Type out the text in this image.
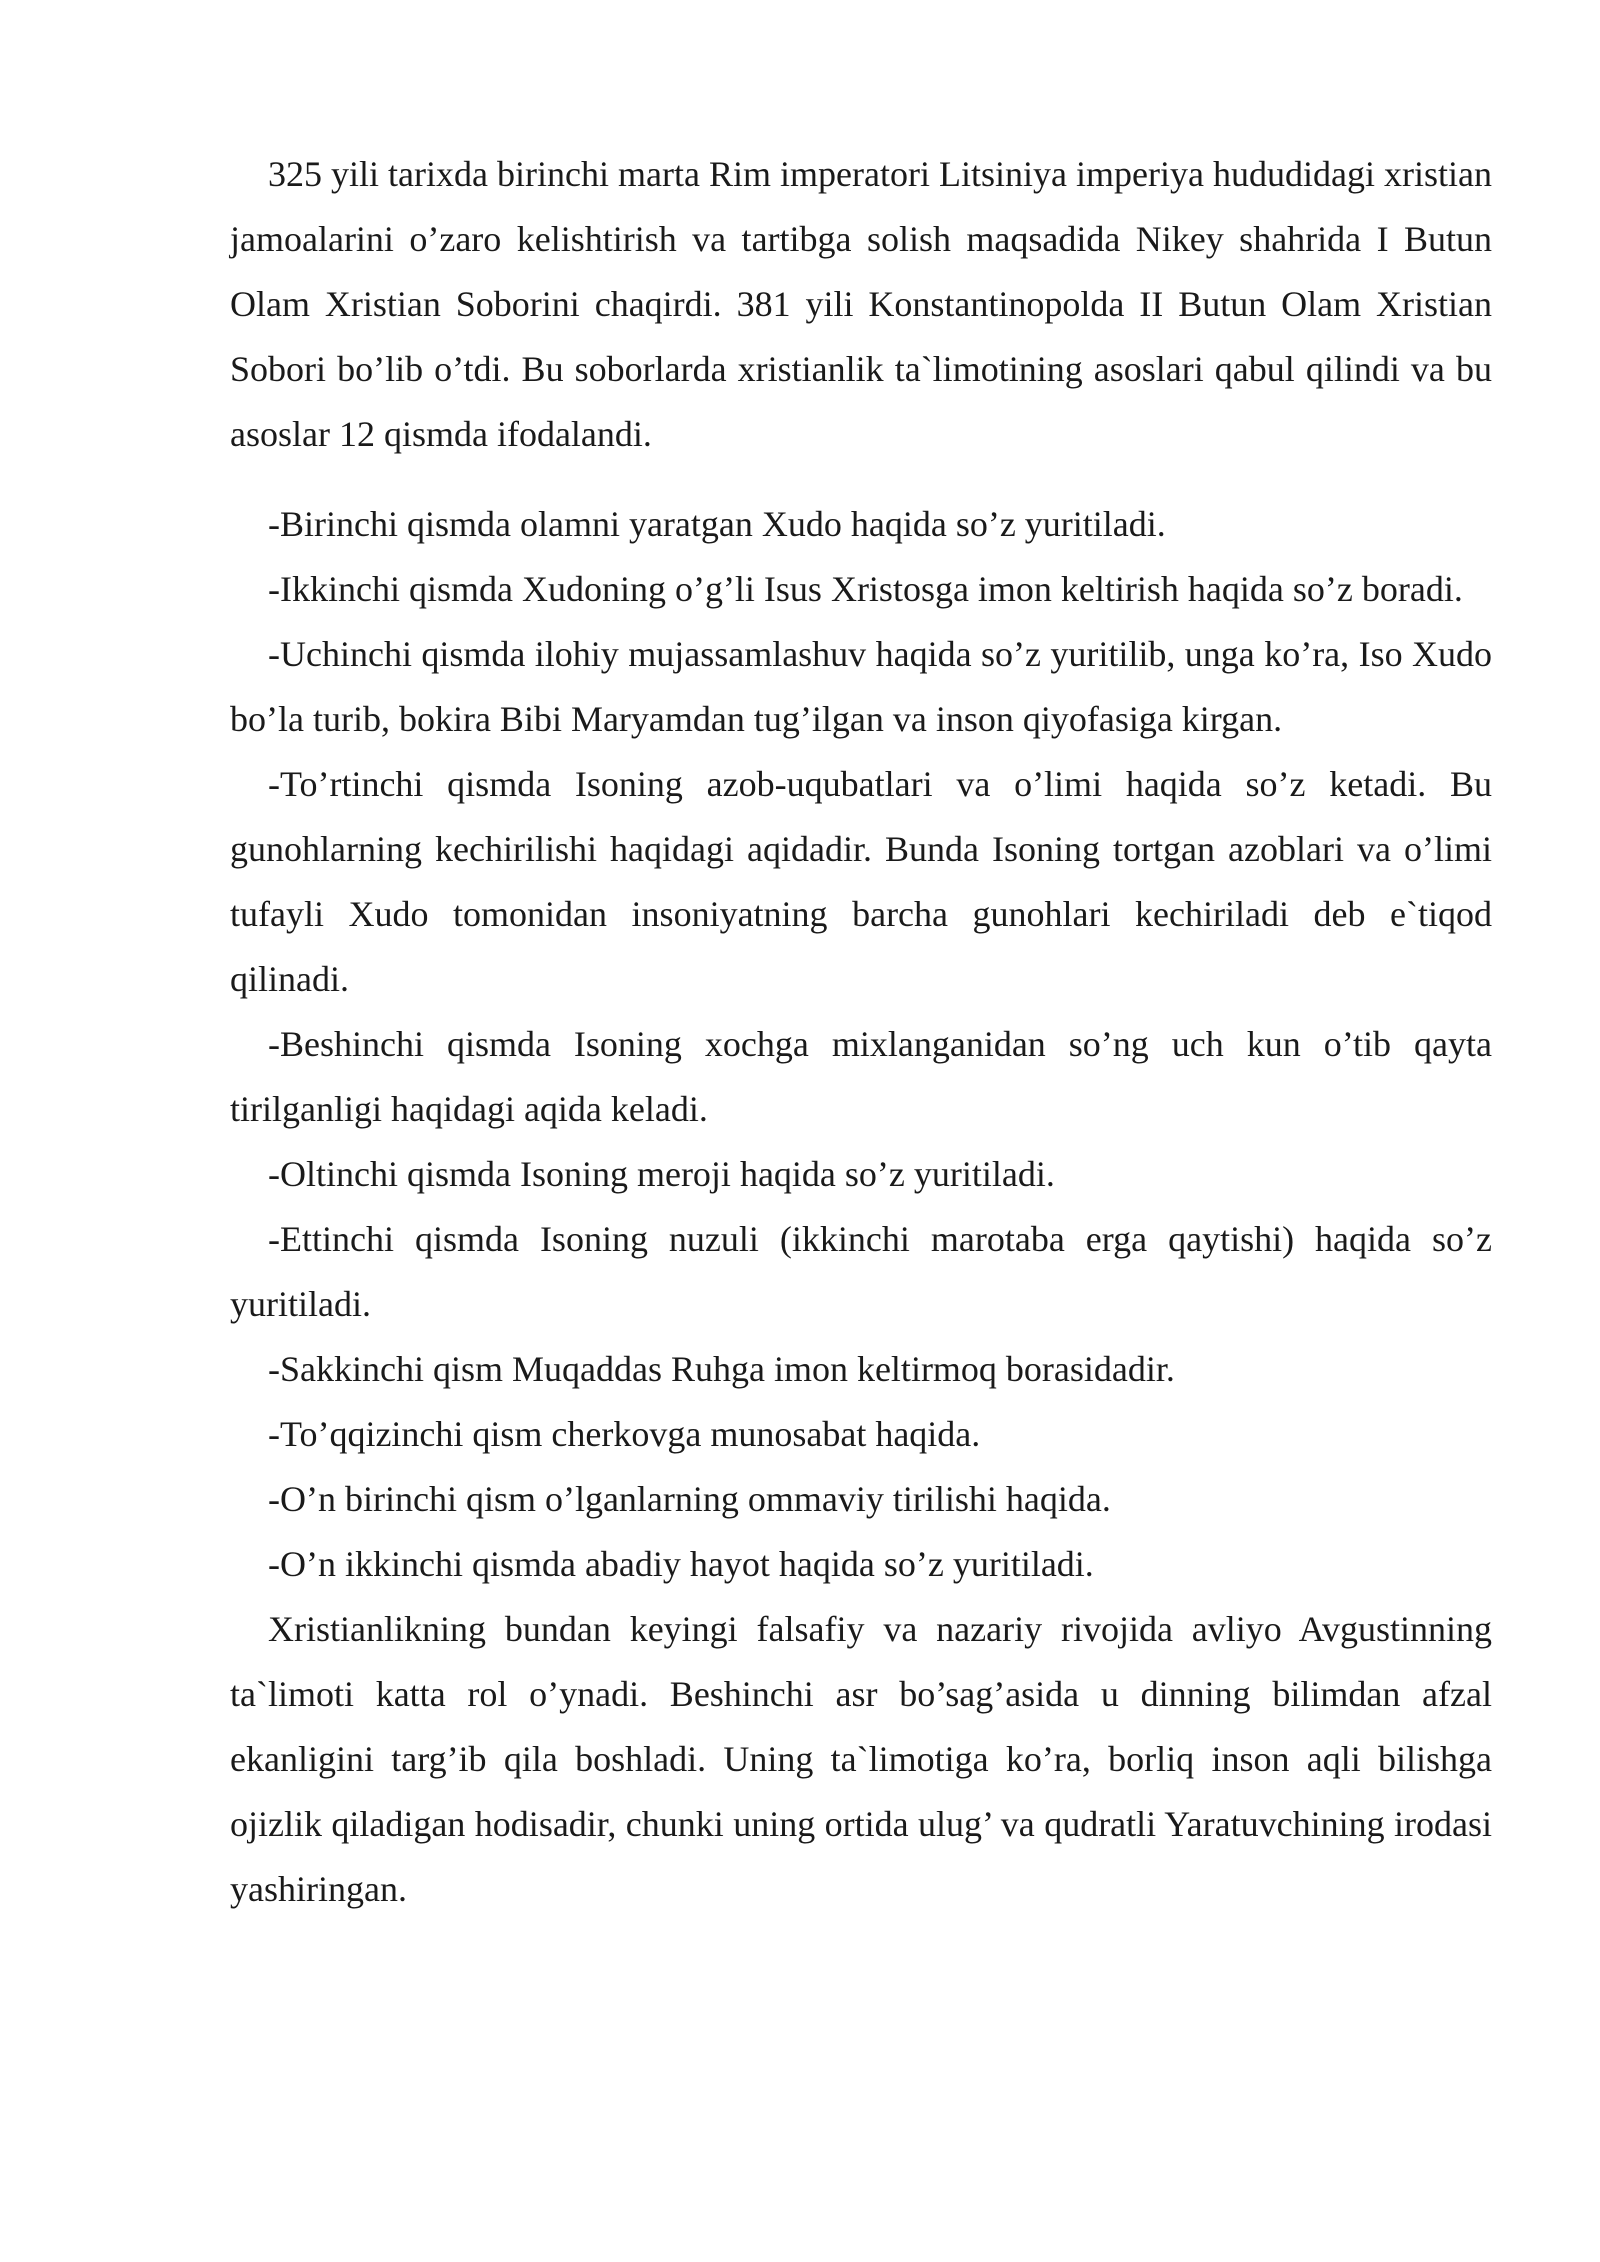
325 yili tarixda birinchi marta Rim imperatori Litsiniya imperiya hududidagi xristian jamoalarini o’zaro kelishtirish va tartibga solish maqsadida Nikey shahrida I Butun Olam Xristian Soborini chaqirdi. 381 yili Konstantinopolda II Butun Olam Xristian Sobori bo’lib o’tdi. Bu soborlarda xristianlik ta`limotining asoslari qabul qilindi va bu asoslar 12 qismda ifodalandi.

-Birinchi qismda olamni yaratgan Xudo haqida so’z yuritiladi.

-Ikkinchi qismda Xudoning o’g’li Isus Xristosga imon keltirish haqida so’z boradi.

-Uchinchi qismda ilohiy mujassamlashuv haqida so’z yuritilib, unga ko’ra, Iso Xudo bo’la turib, bokira Bibi Maryamdan tug’ilgan va inson qiyofasiga kirgan.

-To’rtinchi qismda Isoning azob-uqubatlari va o’limi haqida so’z ketadi. Bu gunohlarning kechirilishi haqidagi aqidadir. Bunda Isoning tortgan azoblari va o’limi tufayli Xudo tomonidan insoniyatning barcha gunohlari kechiriladi deb e`tiqod qilinadi.

-Beshinchi qismda Isoning xochga mixlanganidan so’ng uch kun o’tib qayta tirilganligi haqidagi aqida keladi.

-Oltinchi qismda Isoning meroji haqida so’z yuritiladi.

-Ettinchi qismda Isoning nuzuli (ikkinchi marotaba erga qaytishi) haqida so’z yuritiladi.

-Sakkinchi qism Muqaddas Ruhga imon keltirmoq borasidadir.

-To’qqizinchi qism cherkovga munosabat haqida.

-O’n birinchi qism o’lganlarning ommaviy tirilishi haqida.

-O’n ikkinchi qismda abadiy hayot haqida so’z yuritiladi.

Xristianlikning bundan keyingi falsafiy va nazariy rivojida avliyo Avgustinning ta`limoti katta rol o’ynadi. Beshinchi asr bo’sag’asida u dinning bilimdan afzal ekanligini targ’ib qila boshladi. Uning ta`limotiga ko’ra, borliq inson aqli bilishga ojizlik qiladigan hodisadir, chunki uning ortida ulug’ va qudratli Yaratuvchining irodasi yashiringan.
